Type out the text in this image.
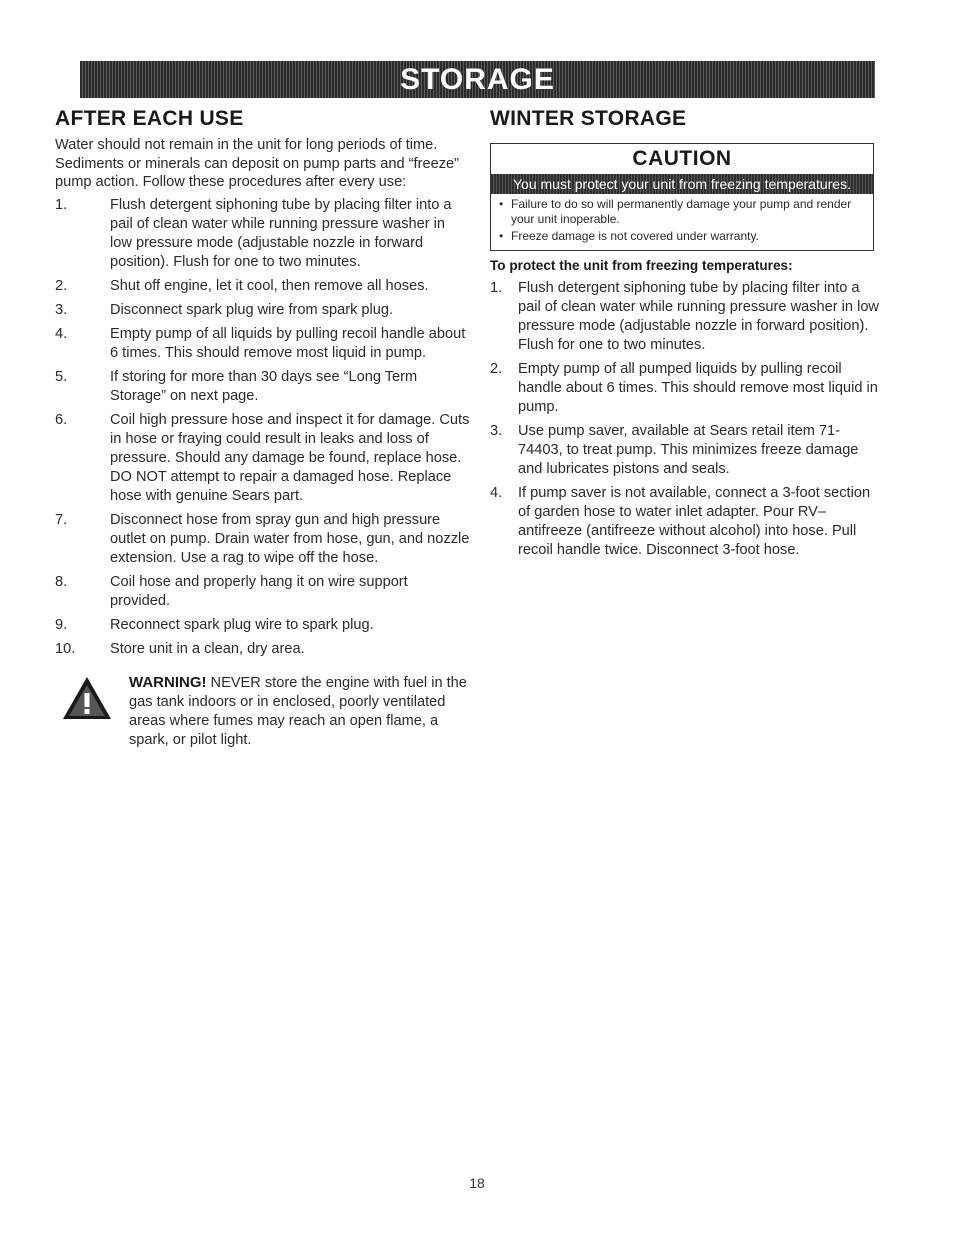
STORAGE
AFTER EACH USE

Water should not remain in the unit for long periods of time. Sediments or minerals can deposit on pump parts and “freeze” pump action. Follow these procedures after every use:

1.	Flush detergent siphoning tube by placing filter into a pail of clean water while running pressure washer in low pressure mode (adjustable nozzle in forward position). Flush for one to two minutes.
2.	Shut off engine, let it cool, then remove all hoses.
3.	Disconnect spark plug wire from spark plug.
4.	Empty pump of all liquids by pulling recoil handle about 6 times. This should remove most liquid in pump.
5.	If storing for more than 30 days see “Long Term Storage” on next page.
6.	Coil high pressure hose and inspect it for damage. Cuts in hose or fraying could result in leaks and loss of pressure. Should any damage be found, replace hose. DO NOT attempt to repair a damaged hose. Replace hose with genuine Sears part.
7.	Disconnect hose from spray gun and high pressure outlet on pump. Drain water from hose, gun, and nozzle extension. Use a rag to wipe off the hose.
8.	Coil hose and properly hang it on wire support provided.
9.	Reconnect spark plug wire to spark plug.
10.	Store unit in a clean, dry area.
WARNING! NEVER store the engine with fuel in the gas tank indoors or in enclosed, poorly ventilated areas where fumes may reach an open flame, a spark, or pilot light.
WINTER STORAGE
CAUTION
You must protect your unit from freezing temperatures.
• Failure to do so will permanently damage your pump and render your unit inoperable.
• Freeze damage is not covered under warranty.
To protect the unit from freezing temperatures:
1.	Flush detergent siphoning tube by placing filter into a pail of clean water while running pressure washer in low pressure mode (adjustable nozzle in forward position). Flush for one to two minutes.
2.	Empty pump of all pumped liquids by pulling recoil handle about 6 times. This should remove most liquid in pump.
3.	Use pump saver, available at Sears retail item 71-74403, to treat pump. This minimizes freeze damage and lubricates pistons and seals.
4.	If pump saver is not available, connect a 3-foot section of garden hose to water inlet adapter. Pour RV–antifreeze (antifreeze without alcohol) into hose. Pull recoil handle twice. Disconnect 3-foot hose.
18
